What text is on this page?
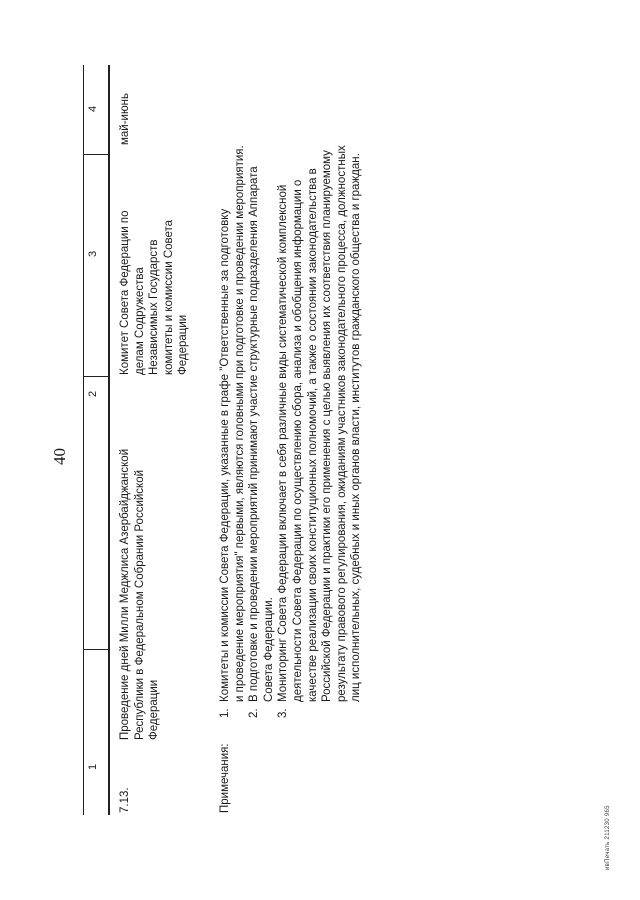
40
1
2
3
4
7.13.
Проведение дней Милли Меджлиса Азербайджанской Республики в Федеральном Собрании Российской Федерации
Комитет Совета Федерации по делам Содружества Независимых Государств комитеты и комиссии Совета Федерации
май-июнь
Примечания:
1.
Комитеты и комиссии Совета Федерации, указанные в графе "Ответственные за подготовку и проведение мероприятия" первыми, являются головными при подготовке и проведении мероприятия.
2.
В подготовке и проведении мероприятий принимают участие структурные подразделения Аппарата Совета Федерации.
3.
Мониторинг Совета Федерации включает в себя различные виды систематической комплексной деятельности Совета Федерации по осуществлению сбора, анализа и обобщения информации о качестве реализации своих конституционных полномочий, а также о состоянии законодательства в Российской Федерации и практики его применения с целью выявления их соответствия планируемому результату правового регулирования, ожиданиям участников законодательного процесса, должностных лиц исполнительных, судебных и иных органов власти, институтов гражданского общества и граждан.
ивПечать 211230 965
